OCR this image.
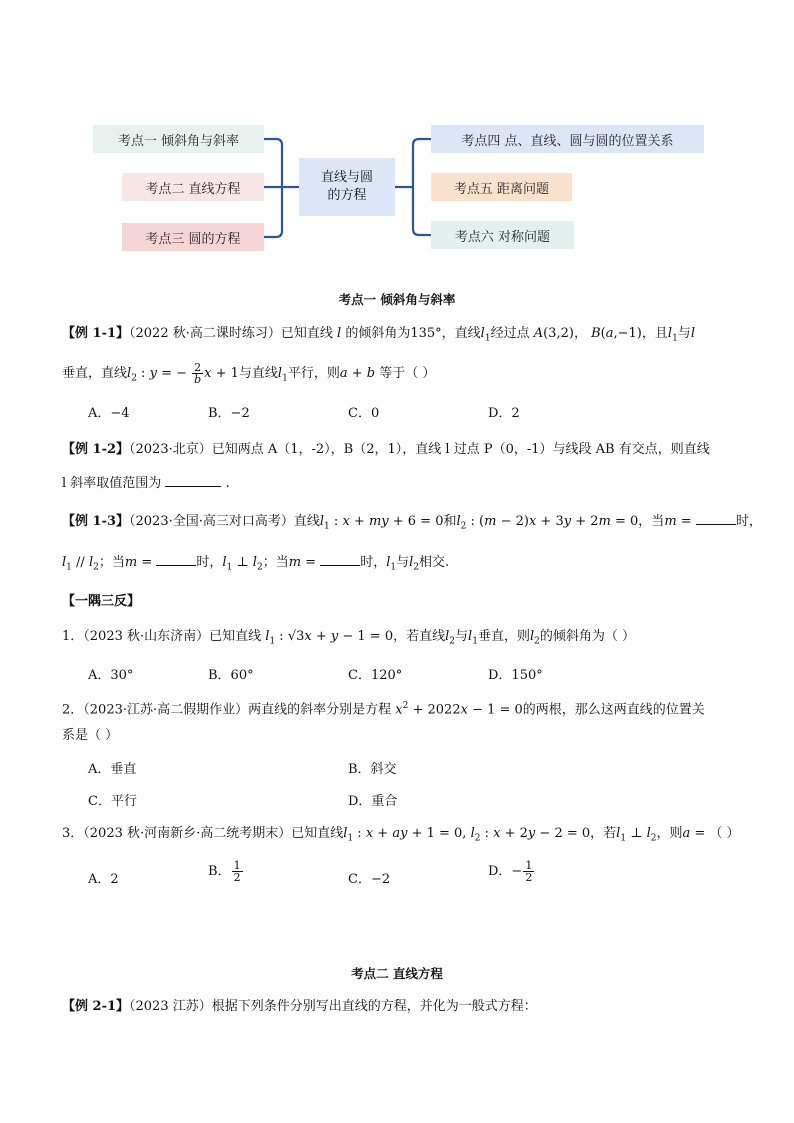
考点一 倾斜角与斜率
考点二 直线方程
考点三 圆的方程
直线与圆
的方程
考点四 点、直线、圆与圆的位置关系
考点五 距离问题
考点六 对称问题
考点一 倾斜角与斜率
【例 1-1】（2022 秋·高二课时练习）已知直线 l 的倾斜角为135°，直线$l_1$经过点 A(3,2)， B(a,−1)，且$l_1$与l
垂直，直线$l_2$ : y = − $\frac{2}{b}$ x + 1与直线$l_1$平行，则a + b 等于（ ）
A．−4	B．−2	C．0	D．2
【例 1-2】（2023·北京）已知两点 A（1，-2），B（2，1），直线 l 过点 P（0，-1）与线段 AB 有交点，则直线
l 斜率取值范围为	.
【例 1-3】（2023·全国·高三对口高考）直线$l_1$ : x + my + 6 = 0和$l_2$ : (m − 2)x + 3y + 2m = 0，当m =	时，
$l_1 // l_2$；当m =	时，$l_1$ ⊥ $l_2$；当m =	时，$l_1$与$l_2$相交.
【一隅三反】
1．（2023 秋·山东济南）已知直线 $l_1$ : √3x + y − 1 = 0，若直线$l_2$与$l_1$垂直，则$l_2$的倾斜角为（ ）
A．30°	B．60°	C．120°	D．150°
2．（2023·江苏·高二假期作业）两直线的斜率分别是方程 $x^2 + 2022x - 1 = 0$的两根，那么这两直线的位置关
系是（ ）
A．垂直	B．斜交
C．平行	D．重合
3．（2023 秋·河南新乡·高二统考期末）已知直线$l_1$ : x + ay + 1 = 0, $l_2$ : x + 2y − 2 = 0，若$l_1$ ⊥ $l_2$，则a = （ ）
A．2
B． $\frac{1}{2}$	C．−2
D．− $\frac{1}{2}$
考点二 直线方程
【例 2-1】（2023 江苏）根据下列条件分别写出直线的方程，并化为一般式方程：
